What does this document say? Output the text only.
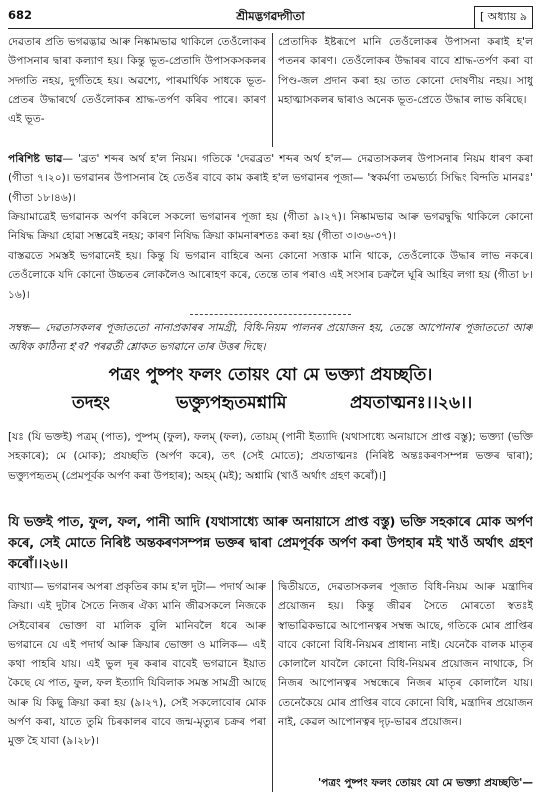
682	শ্ৰীমদ্ভগৱদ্গীতা	[ অধ্যায় ৯
দেৱতাৰ প্ৰতি ভগৱদ্ভাৱ আৰু নিষ্কামভাৱ থাকিলে তেওঁলোকৰ উপাসনাৰ দ্বাৰা কল্যাণ হয়। কিন্তু ভূত-প্ৰেতাদি উপাসকসকলৰ সদ্গতি নহয়, দুৰ্গতিহে হয়। অৱশ্যে, পাৰমাৰ্থিক সাধকে ভূত-প্ৰেতৰ উদ্ধাৰৰ্থে তেওঁলোকৰ শ্ৰাদ্ধ-তৰ্পণ কৰিব পাৰে। কাৰণ এই ভূত-
প্ৰেতাদিক ইষ্টৰূপে মানি তেওঁলোকৰ উপাসনা কৰাই হ'ল পতনৰ কাৰণ। তেওঁলোকৰ উদ্ধাৰৰ বাবে শ্ৰাদ্ধ-তৰ্পণ কৰা বা পিণ্ড-জল প্ৰদান কৰা হয় তাত কোনো দোষণীয় নহয়। সাধু মহাত্মাসকলৰ দ্বাৰাও অনেক ভূত-প্ৰেতে উদ্ধাৰ লাভ কৰিছে।
পৰিশিষ্ট ভাৱ— 'ব্ৰত' শব্দৰ অৰ্থ হ'ল নিয়ম। গতিকে 'দেৱব্ৰত' শব্দৰ অৰ্থ হ'ল— দেৱতাসকলৰ উপাসনাৰ নিয়ম ধাৰণ কৰা (গীতা ৭।২০)। ভগৱানৰ উপাসনাৰ হৈ তেওঁৰ বাবে কাম কৰাই হ'ল ভগৱানৰ পূজা— 'স্বকৰ্মণা তমভ্যৰ্চ্য সিদ্ধিং বিন্দতি মানৱঃ' (গীতা ১৮।৪৬)।
ক্ৰিয়ামাত্ৰেই ভগৱানক অৰ্পণ কৰিলে সকলো ভগৱানৰ পূজা হয় (গীতা ৯।২৭)। নিষ্কামভাৱ আৰু ভগৱদ্বুদ্ধি থাকিলে কোনো নিষিদ্ধ ক্ৰিয়া হোৱা সম্ভৱেই নহয়; কাৰণ নিষিদ্ধ ক্ৰিয়া কামনাৰশতঃ কৰা হয় (গীতা ৩।৩৬-৩৭)।
বাস্তৱতে সমস্তই ভগৱানেই হয়। কিন্তু যি ভগৱান বাহিৰে অন্য কোনো সত্তাক মানি থাকে, তেওঁলোকে উদ্ধাৰ লাভ নকৰে। তেওঁলোকে যদি কোনো উচ্চতৰ লোকলৈও আৰোহণ কৰে, তেন্তে তাৰ পৰাও এই সংসাৰ চক্ৰলৈ ঘূৰি আহিব লগা হয় (গীতা ৮।১৬)।
সম্বন্ধ— দেৱতাসকলৰ পূজাততো নানাপ্ৰকাৰৰ সামগ্ৰী, বিধি-নিয়ম পালনৰ প্ৰয়োজন হয়, তেন্তে আপোনাৰ পূজাততো আৰু অধিক কাঠিন্য হ'ব? পৰৱৰ্তী শ্লোকত ভগৱানে তাৰ উত্তৰ দিছে।
পত্ৰং পুষ্পং ফলং তোয়ং যো মে ভক্ত্যা প্ৰযচ্ছতি।
তদহং	ভক্ত্যুপহৃতমশ্নামি	প্ৰযতাত্মনঃ।।২৬।।
[যঃ (যি ভক্তই) পত্ৰম্ (পাত), পুষ্পম্ (ফুল), ফলম্ (ফল), তোয়ম্ (পানী ইত্যাদি (যথাসাধ্যে অনায়াসে প্ৰাপ্ত বস্তু); ভক্ত্যা (ভক্তি সহকাৰে); মে (মোক); প্ৰযচ্ছতি (অৰ্পণ কৰে), তৎ (সেই মোতে); প্ৰযতাত্মনঃ (নিৰিষ্ট অন্তঃকৰণসম্পন্ন ভক্তৰ দ্বাৰা); ভক্ত্যুপহৃতম্ (প্ৰেমপূৰ্বক অৰ্পণ কৰা উপহাৰ); অহম্ (মই); অশ্নামি (খাওঁ অৰ্থাৎ গ্ৰহণ কৰোঁ)।]
যি ভক্তই পাত, ফুল, ফল, পানী আদি (যথাসাধ্যে আৰু অনায়াসে প্ৰাপ্ত বস্তু) ভক্তি সহকাৰে মোক অৰ্পণ কৰে, সেই মোতে নিৰিষ্ট অন্তকৰণসম্পন্ন ভক্তৰ দ্বাৰা প্ৰেমপূৰ্বক অৰ্পণ কৰা উপহাৰ মই খাওঁ অৰ্থাৎ গ্ৰহণ কৰোঁ।।২৬।।
ব্যাখ্যা— ভগৱানৰ অপৰা প্ৰকৃতিৰ কাম হ'ল দুটা— পদাৰ্থ আৰু ক্ৰিয়া। এই দুটাৰ সৈতে নিজৰ ঐক্য মানি জীৱসকলে নিজকে সেইবোৰৰ ভোক্তা বা মালিক বুলি মানিবলৈ ধৰে আৰু ভগৱানে যে এই পদাৰ্থ আৰু ক্ৰিয়াৰ ভোক্তা ও মালিক— এই কথা পাহৰি যায়। এই ভুল দূৰ কৰাৰ বাবেই ভগৱানে ইয়াত কৈছে যে পাত, ফুল, ফল ইত্যাদি যিবিলাক সমস্ত সামগ্ৰী আছে আৰু যি কিছু ক্ৰিয়া কৰা হয় (৯।২৭), সেই সকলোবোৰ মোক অৰ্পণ কৰা, যাতে তুমি চিৰকালৰ বাবে জন্ম-মৃত্যুৰ চক্ৰৰ পৰা মুক্ত হৈ যাবা (৯।২৮)।
দ্বিতীয়তে, দেৱতাসকলৰ পূজাত বিধি-নিয়ম আৰু মন্ত্ৰাদিৰ প্ৰয়োজন হয়। কিন্তু জীৱৰ সৈতে মোৰতো স্বতঃই স্বাভাৱিকভাৱে আপোনত্বৰ সম্বন্ধ আছে, গতিকে মোৰ প্ৰাপ্তিৰ বাবে কোনো বিধি-নিয়মৰ প্ৰাধান্য নাই। যেনেকৈ বালক মাতৃৰ কোলালৈ যাবলৈ কোনো বিধি-নিয়মৰ প্ৰয়োজন নাথাকে, সি নিজৰ আপোনত্বৰ সম্বন্ধেৰে নিজৰ মাতৃৰ কোলালৈ যায়। তেনেকৈয়ে মোৰ প্ৰাপ্তিৰ বাবে কোনো বিধি, মন্ত্ৰাদিৰ প্ৰয়োজন নাই, কেৱল আপোনত্বৰ দৃঢ়-ভাৱৰ প্ৰয়োজন।
'পত্ৰং পুষ্পং ফলং তোয়ং যো মে ভক্ত্যা প্ৰযচ্ছতি'—
